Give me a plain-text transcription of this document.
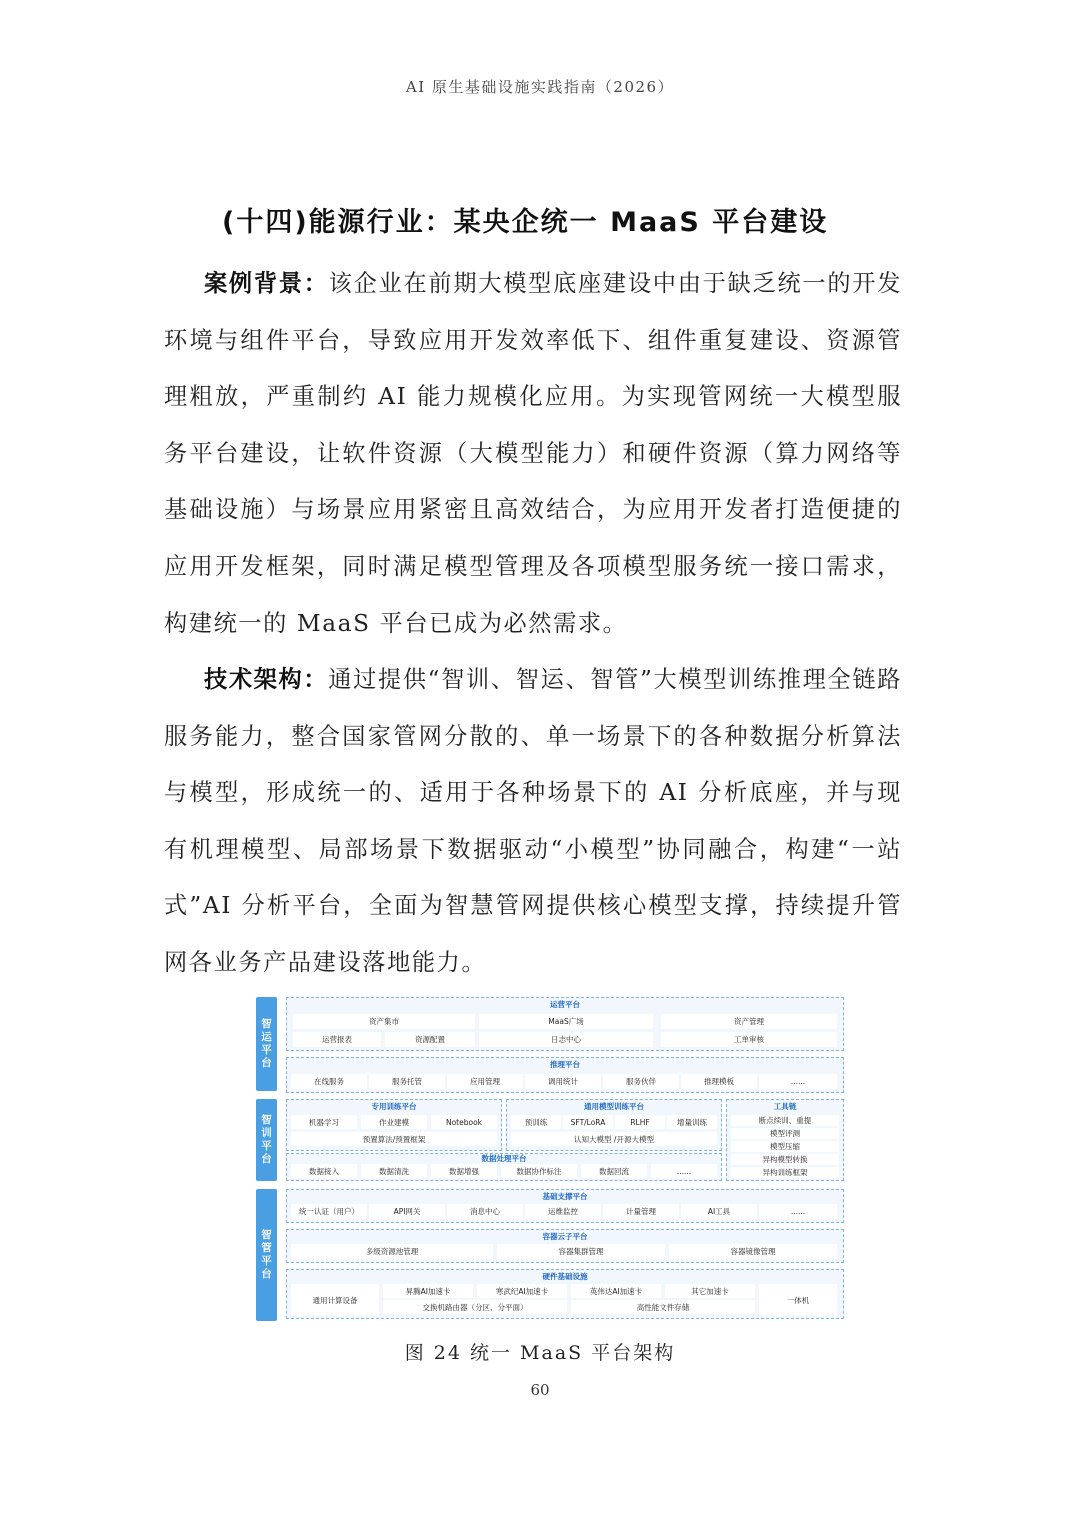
AI 原生基础设施实践指南（2026）
(十四)能源行业：某央企统一 MaaS 平台建设

案例背景：该企业在前期大模型底座建设中由于缺乏统一的开发环境与组件平台，导致应用开发效率低下、组件重复建设、资源管理粗放，严重制约 AI 能力规模化应用。为实现管网统一大模型服务平台建设，让软件资源（大模型能力）和硬件资源（算力网络等基础设施）与场景应用紧密且高效结合，为应用开发者打造便捷的应用开发框架，同时满足模型管理及各项模型服务统一接口需求，构建统一的 MaaS 平台已成为必然需求。

技术架构：通过提供“智训、智运、智管”大模型训练推理全链路服务能力，整合国家管网分散的、单一场景下的各种数据分析算法与模型，形成统一的、适用于各种场景下的 AI 分析底座，并与现有机理模型、局部场景下数据驱动“小模型”协同融合，构建“一站式”AI 分析平台，全面为智慧管网提供核心模型支撑，持续提升管网各业务产品建设落地能力。

智运平台
智训平台
智管平台
运营平台
资产集市	MaaS广场	资产管理
运营报表	资源配置	日志中心	工单审核
推理平台
在线服务	服务托管	应用管理	调用统计	服务伙伴	推理模板	......
专用训练平台
机器学习	作业建模	Notebook
预置算法/预置框架
通用模型训练平台
预训练	SFT/LoRA	RLHF	增量训练
认知大模型 /开源大模型
数据处理平台
数据接入	数据清洗	数据增强	数据协作标注	数据回流	......
工具链
断点续训、重提
模型评测
模型压缩
异构模型转换
异构训练框架
基础支撑平台
统一认证（用户）	API网关	消息中心	运维监控	计量管理	AI工具	......
容器云子平台
多级资源池管理	容器集群管理	容器镜像管理
硬件基础设施
通用计算设备
昇腾AI加速卡	寒武纪AI加速卡	英伟达AI加速卡	其它加速卡
交换机路由器（分区、分平面）	高性能文件存储
一体机
图 24 统一 MaaS 平台架构
60
